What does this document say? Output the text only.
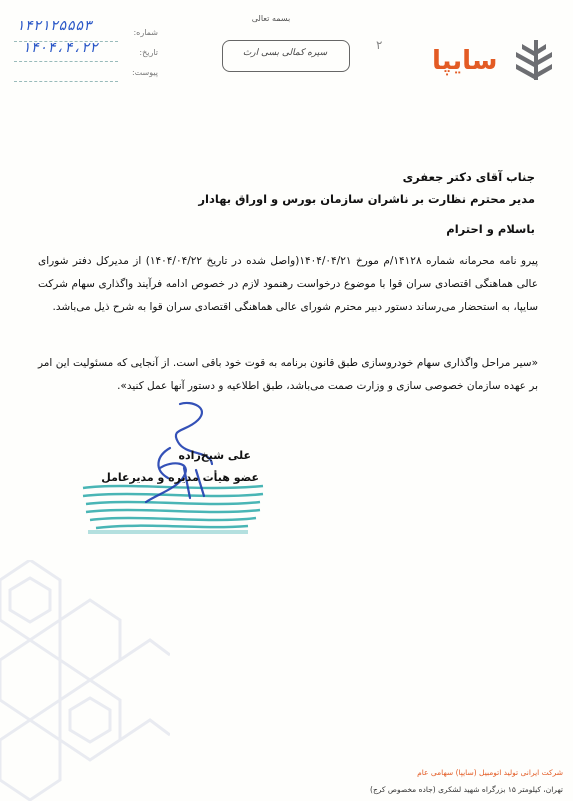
بسمه تعالی
سیره کمالی بسی ارث
۲
سایپا
شماره:
۱۴۲۱۲۵۵۵۳
تاریخ:
۱۴۰۴،۴،۲۲
پیوست:
جناب آقای دکتر جعفری
مدیر محترم نظارت بر ناشران سازمان بورس و اوراق بهادار
باسلام و احترام
پیرو نامه محرمانه شماره ۱۴۱۲۸/م مورخ ۱۴۰۴/۰۴/۲۱(واصل شده در تاریخ ۱۴۰۴/۰۴/۲۲) از مدیرکل دفتر شورای عالی هماهنگی اقتصادی سران قوا با موضوع درخواست رهنمود لازم در خصوص ادامه فرآیند واگذاری سهام شرکت سایپا، به استحضار می‌رساند دستور دبیر محترم شورای عالی هماهنگی اقتصادی سران قوا به شرح ذیل می‌باشد.
«سیر مراحل واگذاری سهام خودروسازی طبق قانون برنامه به قوت خود باقی است. از آنجایی که مسئولیت این امر بر عهده سازمان خصوصی سازی و وزارت صمت می‌باشد، طبق اطلاعیه و دستور آنها عمل کنید».
علی شیخ‌زاده
عضو هیأت مدیره و مدیرعامل
شرکت ایرانی تولید اتومبیل (سایپا) سهامی عام
تهران، کیلومتر ۱۵ بزرگراه شهید لشکری (جاده مخصوص کرج)
